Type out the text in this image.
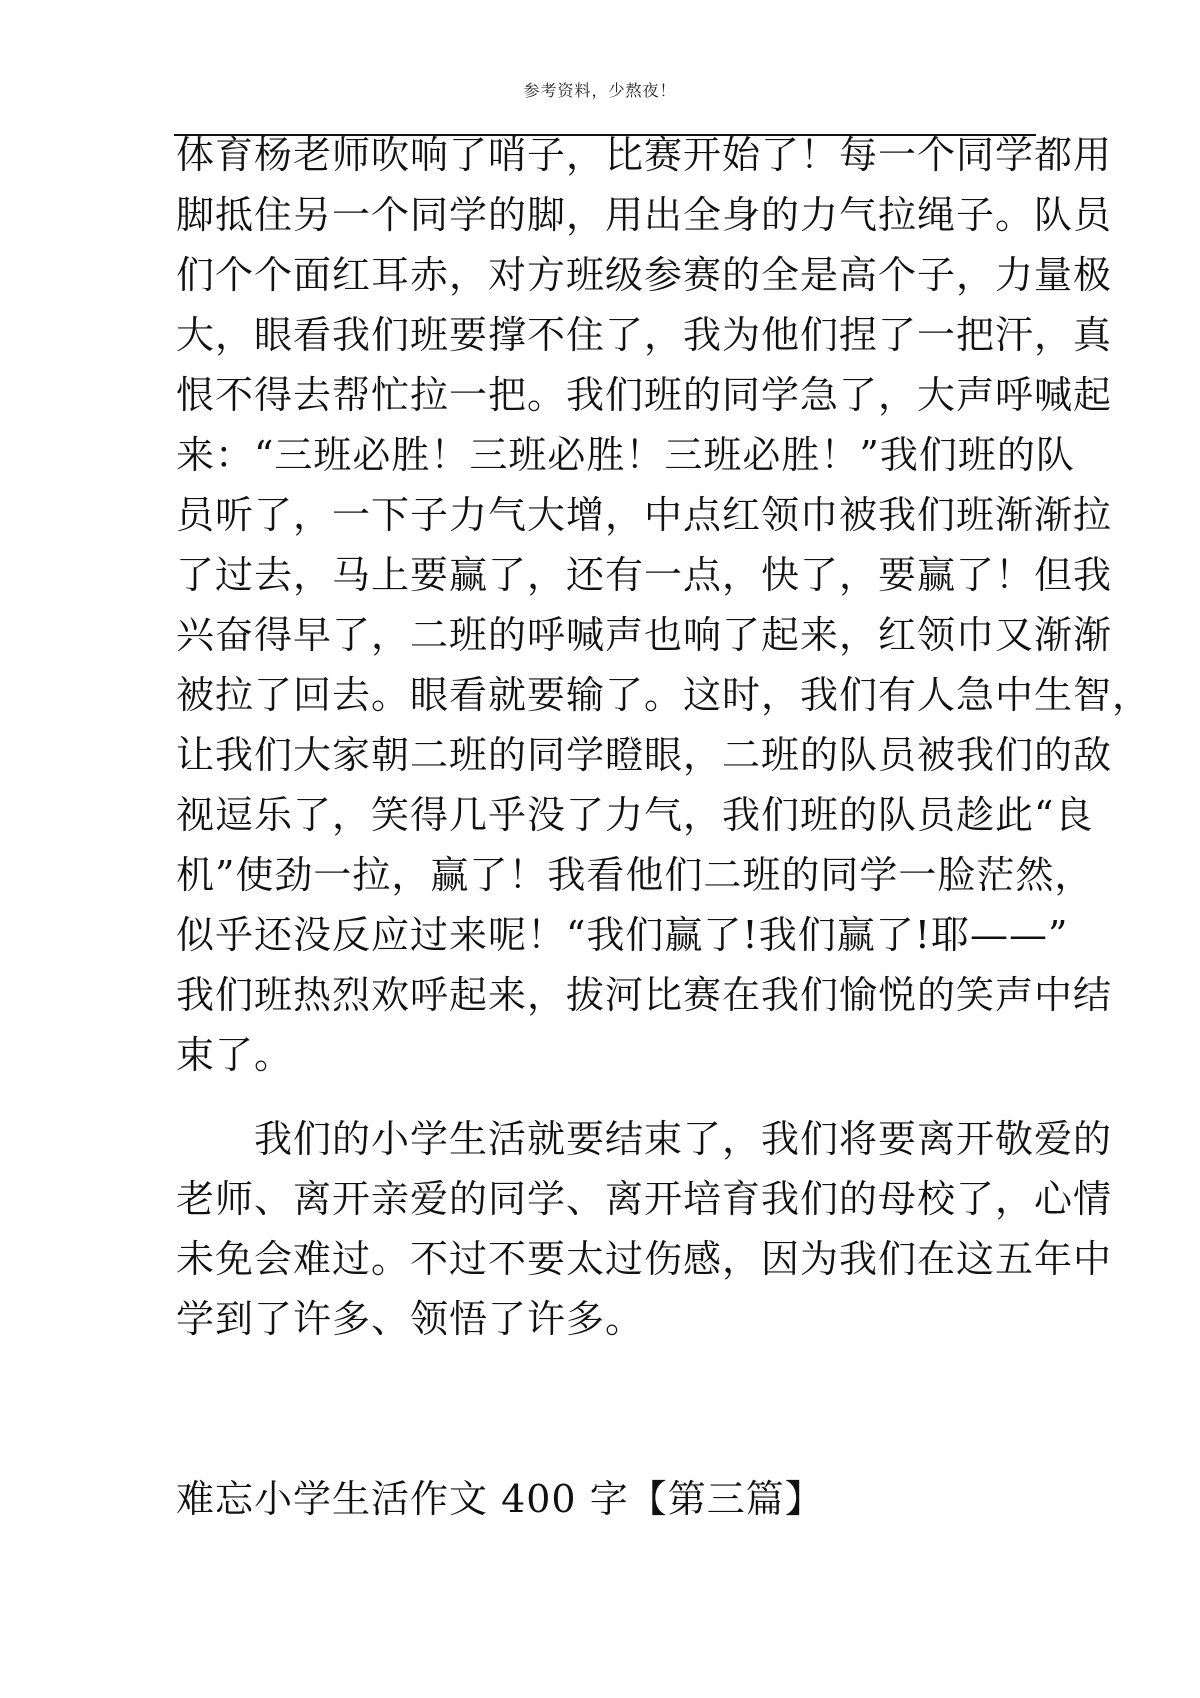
参考资料，少熬夜！
体育杨老师吹响了哨子，比赛开始了！每一个同学都用
脚抵住另一个同学的脚，用出全身的力气拉绳子。队员
们个个面红耳赤，对方班级参赛的全是高个子，力量极
大，眼看我们班要撑不住了，我为他们捏了一把汗，真
恨不得去帮忙拉一把。我们班的同学急了，大声呼喊起
来：“三班必胜！三班必胜！三班必胜！”我们班的队
员听了，一下子力气大增，中点红领巾被我们班渐渐拉
了过去，马上要赢了，还有一点，快了，要赢了！但我
兴奋得早了，二班的呼喊声也响了起来，红领巾又渐渐
被拉了回去。眼看就要输了。这时，我们有人急中生智，
让我们大家朝二班的同学瞪眼，二班的队员被我们的敌
视逗乐了，笑得几乎没了力气，我们班的队员趁此“良
机”使劲一拉，赢了！我看他们二班的同学一脸茫然，
似乎还没反应过来呢！“我们赢了!我们赢了!耶——”
我们班热烈欢呼起来，拔河比赛在我们愉悦的笑声中结
束了。
我们的小学生活就要结束了，我们将要离开敬爱的
老师、离开亲爱的同学、离开培育我们的母校了，心情
未免会难过。不过不要太过伤感，因为我们在这五年中
学到了许多、领悟了许多。
难忘小学生活作文 400 字【第三篇】
